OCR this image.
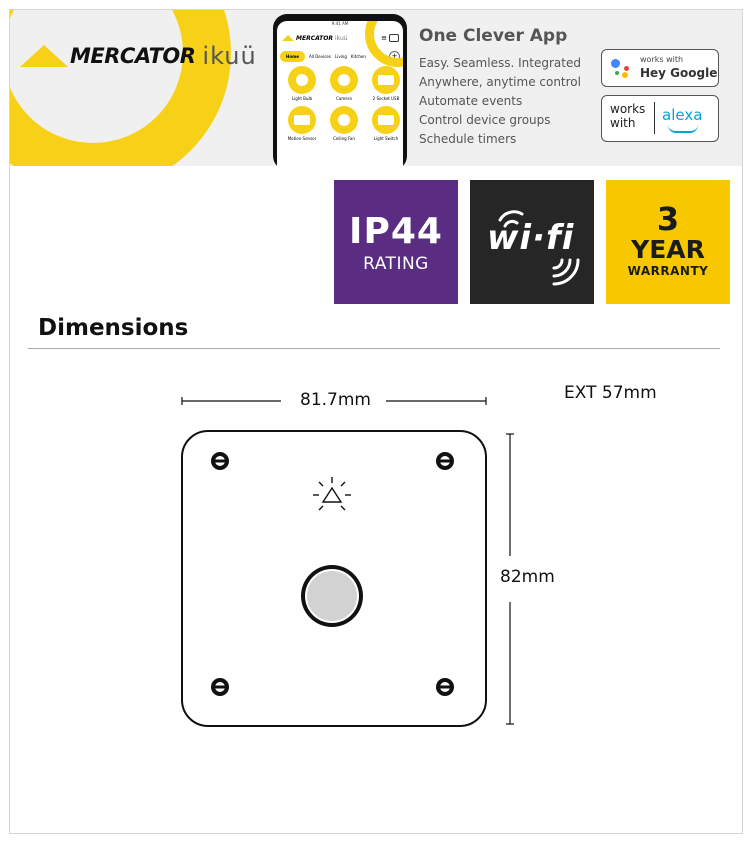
MERCATOR ikuü
9:41 AM
MERCATOR ikuü	≡
Home	All Devices Living Kitchen	+
Light Bulb	Camera	2 Socket USB
Motion Sensor	Ceiling Fan	Light Switch
One Clever App
Easy. Seamless. Integrated
Anywhere, anytime control
Automate events
Control device groups
Schedule timers
works with
Hey Google
works
with	alexa
IP44
RATING
wi·fi	3
YEAR
WARRANTY
Dimensions
81.7mm
82mm
EXT 57mm
